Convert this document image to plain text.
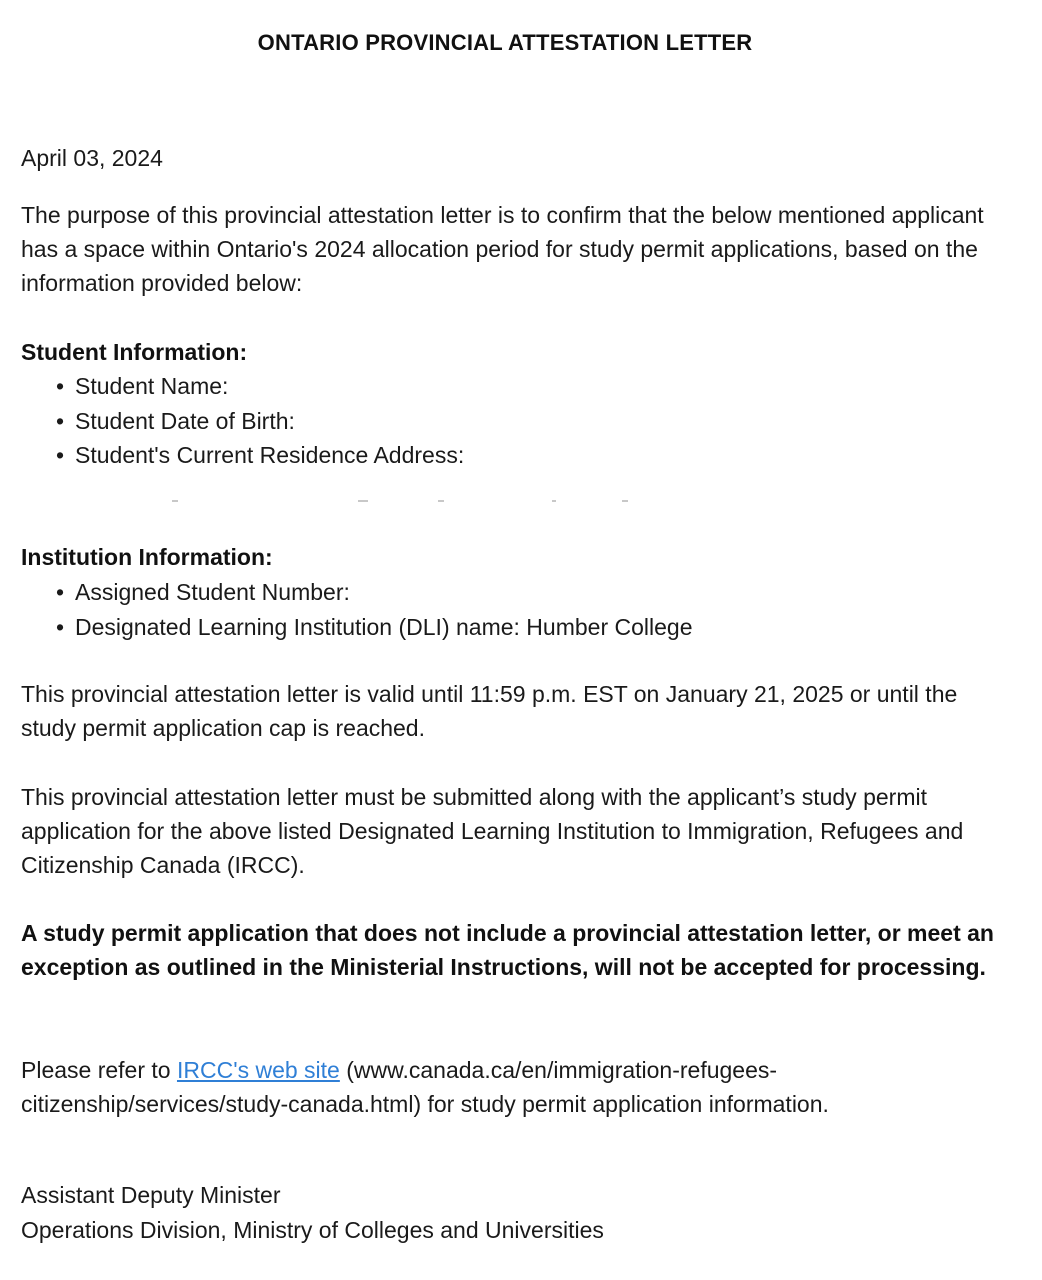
ONTARIO PROVINCIAL ATTESTATION LETTER

April 03, 2024

The purpose of this provincial attestation letter is to confirm that the below mentioned applicant has a space within Ontario's 2024 allocation period for study permit applications, based on the information provided below:

Student Information:

• Student Name:
• Student Date of Birth:
• Student's Current Residence Address:

Institution Information:

• Assigned Student Number:
• Designated Learning Institution (DLI) name: Humber College

This provincial attestation letter is valid until 11:59 p.m. EST on January 21, 2025 or until the study permit application cap is reached.

This provincial attestation letter must be submitted along with the applicant’s study permit application for the above listed Designated Learning Institution to Immigration, Refugees and Citizenship Canada (IRCC).

A study permit application that does not include a provincial attestation letter, or meet an exception as outlined in the Ministerial Instructions, will not be accepted for processing.

Please refer to IRCC's web site (www.canada.ca/en/immigration-refugees-citizenship/services/study-canada.html) for study permit application information.

Assistant Deputy Minister

Operations Division, Ministry of Colleges and Universities
